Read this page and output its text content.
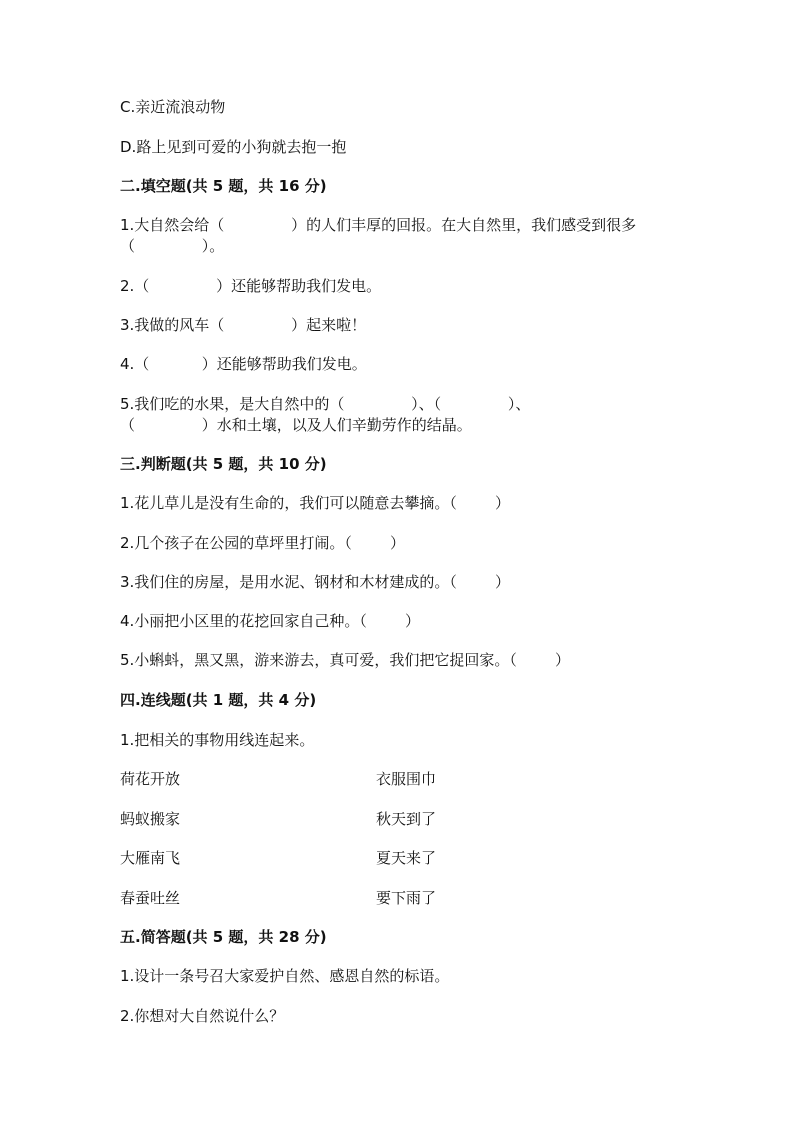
C.亲近流浪动物
D.路上见到可爱的小狗就去抱一抱
二.填空题(共 5 题，共 16 分)
1.大自然会给（              ）的人们丰厚的回报。在大自然里，我们感受到很多
（              ）。
2.（              ）还能够帮助我们发电。
3.我做的风车（              ）起来啦！
4.（           ）还能够帮助我们发电。
5.我们吃的水果，是大自然中的（              ）、（              ）、
（              ）水和土壤，以及人们辛勤劳作的结晶。
三.判断题(共 5 题，共 10 分)
1.花儿草儿是没有生命的，我们可以随意去攀摘。（        ）
2.几个孩子在公园的草坪里打闹。（        ）
3.我们住的房屋，是用水泥、钢材和木材建成的。（        ）
4.小丽把小区里的花挖回家自己种。（        ）
5.小蝌蚪，黑又黑，游来游去，真可爱，我们把它捉回家。（        ）
四.连线题(共 1 题，共 4 分)
1.把相关的事物用线连起来。
荷花开放	衣服围巾
蚂蚁搬家	秋天到了
大雁南飞	夏天来了
春蚕吐丝	要下雨了
五.简答题(共 5 题，共 28 分)
1.设计一条号召大家爱护自然、感恩自然的标语。
2.你想对大自然说什么？
